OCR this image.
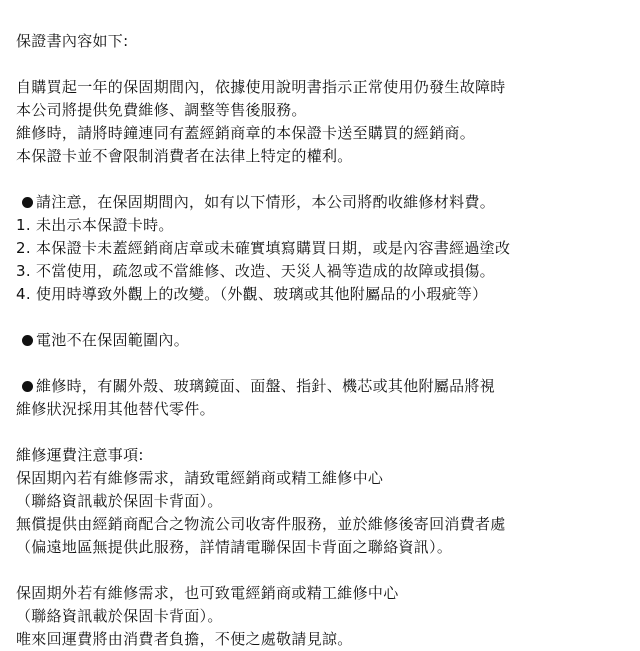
保證書內容如下:
自購買起一年的保固期間內，依據使用說明書指示正常使用仍發生故障時
本公司將提供免費維修、調整等售後服務。
維修時，請將時鐘連同有蓋經銷商章的本保證卡送至購買的經銷商。
本保證卡並不會限制消費者在法律上特定的權利。
請注意，在保固期間內，如有以下情形，本公司將酌收維修材料費。
1. 未出示本保證卡時。
2. 本保證卡未蓋經銷商店章或未確實填寫購買日期，或是內容書經過塗改
3. 不當使用，疏忽或不當維修、改造、天災人禍等造成的故障或損傷。
4. 使用時導致外觀上的改變。（外觀、玻璃或其他附屬品的小瑕疵等）
電池不在保固範圍內。
維修時，有關外殼、玻璃鏡面、面盤、指針、機芯或其他附屬品將視
維修狀況採用其他替代零件。
維修運費注意事項:
保固期內若有維修需求，請致電經銷商或精工維修中心
（聯絡資訊載於保固卡背面）。
無償提供由經銷商配合之物流公司收寄件服務，並於維修後寄回消費者處
（偏遠地區無提供此服務，詳情請電聯保固卡背面之聯絡資訊）。
保固期外若有維修需求，也可致電經銷商或精工維修中心
（聯絡資訊載於保固卡背面）。
唯來回運費將由消費者負擔，不便之處敬請見諒。
